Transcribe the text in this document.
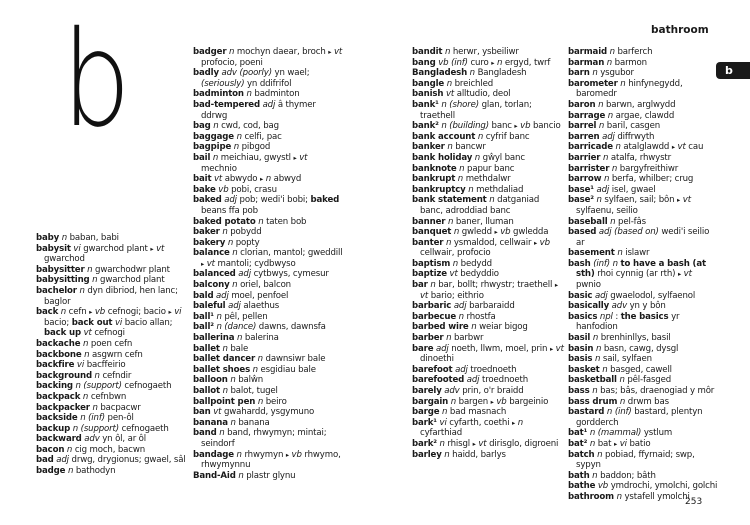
b	bathroom
b
253
baby n baban, babi
babysit vi gwarchod plant ▸ vt gwarchod
babysitter n gwarchodwr plant
babysitting n gwarchod plant
bachelor n dyn dibriod, hen lanc; baglor
back n cefn ▸ vb cefnogi; bacio ▸ vi bacio; back out vi bacio allan; back up vt cefnogi
backache n poen cefn
backbone n asgwrn cefn
backfire vi bacffeirio
background n cefndir
backing n (support) cefnogaeth
backpack n cefnbwn
backpacker n bacpacwr
backside n (inf) pen-ôl
backup n (support) cefnogaeth
backward adv yn ôl, ar ôl
bacon n cig moch, bacwn
bad adj drwg, drygionus; gwael, sâl
badge n bathodyn
badger n mochyn daear, broch ▸ vt profocio, poeni
badly adv (poorly) yn wael; (seriously) yn ddifrifol
badminton n badminton
bad-tempered adj â thymer ddrwg
bag n cwd, cod, bag
baggage n celfi, pac
bagpipe n pibgod
bail n meichiau, gwystl ▸ vt mechnio
bait vt abwydo ▸ n abwyd
bake vb pobi, crasu
baked adj pob; wedi'i bobi; baked beans ffa pob
baked potato n taten bob
baker n pobydd
bakery n popty
balance n clorian, mantol; gweddill ▸ vt mantoli; cydbwyso
balanced adj cytbwys, cymesur
balcony n oriel, balcon
bald adj moel, penfoel
baleful adj alaethus
ball¹ n pêl, pellen
ball² n (dance) dawns, dawnsfa
ballerina n balerina
ballet n bale
ballet dancer n dawnsiwr bale
ballet shoes n esgidiau bale
balloon n balŵn
ballot n balot, tugel
ballpoint pen n beiro
ban vt gwahardd, ysgymuno
banana n banana
band n band, rhwymyn; mintai; seindorf
bandage n rhwymyn ▸ vb rhwymo, rhwymynnu
Band-Aid n plastr glynu
bandit n herwr, ysbeiliwr
bang vb (inf) curo ▸ n ergyd, twrf
Bangladesh n Bangladesh
bangle n breichled
banish vt alltudio, deol
bank¹ n (shore) glan, torlan; traethell
bank² n (building) banc ▸ vb bancio
bank account n cyfrif banc
banker n bancwr
bank holiday n gŵyl banc
banknote n papur banc
bankrupt n methdalwr
bankruptcy n methdaliad
bank statement n datganiad banc, adroddiad banc
banner n baner, lluman
banquet n gwledd ▸ vb gwledda
banter n ysmaldod, cellwair ▸ vb cellwair, profocio
baptism n bedydd
baptize vt bedyddio
bar n bar, bollt; rhwystr; traethell ▸ vt bario; eithrio
barbaric adj barbaraidd
barbecue n rhostfa
barbed wire n weiar bigog
barber n barbwr
bare adj noeth, llwm, moel, prin ▸ vt dinoethi
barefoot adj troednoeth
barefooted adj troednoeth
barely adv prin, o'r braidd
bargain n bargen ▸ vb bargeinio
barge n bad masnach
bark¹ vi cyfarth, coethi ▸ n cyfarthiad
bark² n rhisgl ▸ vt dirisglo, digroeni
barley n haidd, barlys
barmaid n barferch
barman n barmon
barn n ysgubor
barometer n hinfynegydd, baromedr
baron n barwn, arglwydd
barrage n argae, clawdd
barrel n baril, casgen
barren adj diffrwyth
barricade n atalglawdd ▸ vt cau
barrier n atalfa, rhwystr
barrister n bargyfreithiwr
barrow n berfa, whilber; crug
base¹ adj isel, gwael
base² n sylfaen, sail; bôn ▸ vt sylfaenu, seilio
baseball n pel-fâs
based adj (based on) wedi'i seilio ar
basement n islawr
bash (inf) n to have a bash (at sth) rhoi cynnig (ar rth) ▸ vt pwnio
basic adj gwaelodol, sylfaenol
basically adv yn y bôn
basics npl : the basics yr hanfodion
basil n brenhinllys, basil
basin n basn, cawg, dysgl
basis n sail, sylfaen
basket n basged, cawell
basketball n pêl-fasged
bass n bas; bâs, draenogiad y môr
bass drum n drwm bas
bastard n (inf) bastard, plentyn gordderch
bat¹ n (mammal) ystlum
bat² n bat ▸ vi batio
batch n pobiad, ffyrnaid; swp, sypyn
bath n baddon; bâth
bathe vb ymdrochi, ymolchi, golchi
bathroom n ystafell ymolchi
